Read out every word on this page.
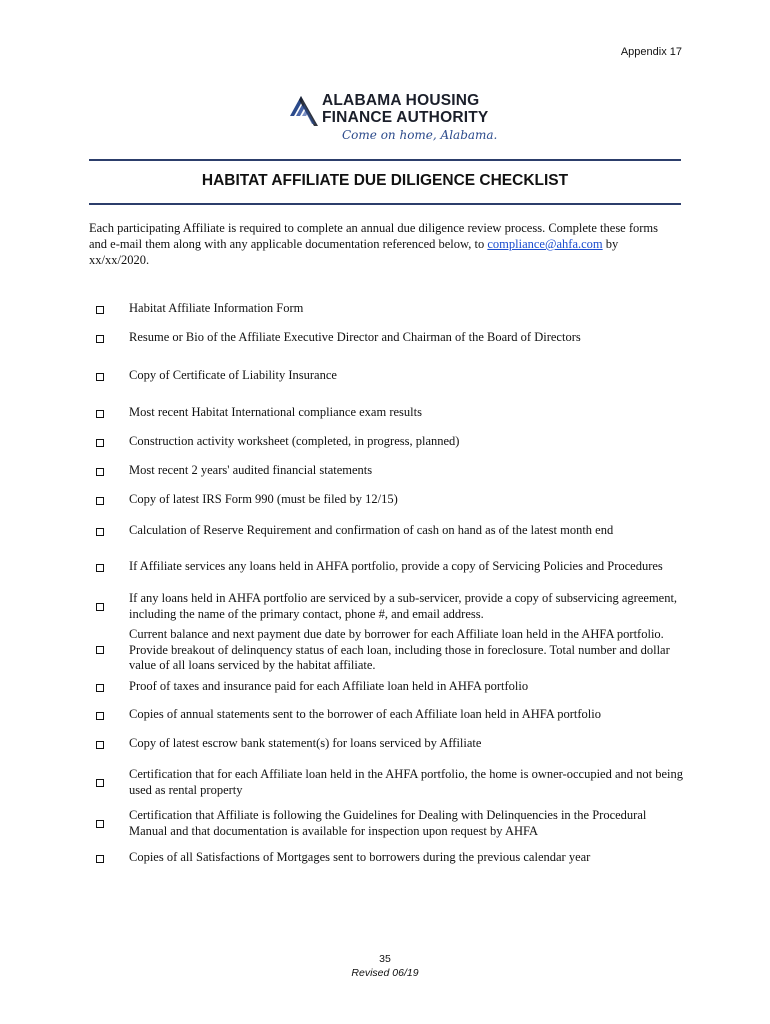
Appendix 17
ALABAMA HOUSING
FINANCE AUTHORITY
Come on home, Alabama.
HABITAT AFFILIATE DUE DILIGENCE CHECKLIST
Each participating Affiliate is required to complete an annual due diligence review process. Complete these forms and e-mail them along with any applicable documentation referenced below, to compliance@ahfa.com by xx/xx/2020.
Habitat Affiliate Information Form
Resume or Bio of the Affiliate Executive Director and Chairman of the Board of Directors
Copy of Certificate of Liability Insurance
Most recent Habitat International compliance exam results
Construction activity worksheet (completed, in progress, planned)
Most recent 2 years' audited financial statements
Copy of latest IRS Form 990 (must be filed by 12/15)
Calculation of Reserve Requirement and confirmation of cash on hand as of the latest month end
If Affiliate services any loans held in AHFA portfolio, provide a copy of Servicing Policies and Procedures
If any loans held in AHFA portfolio are serviced by a sub-servicer, provide a copy of subservicing agreement, including the name of the primary contact, phone #, and email address.
Current balance and next payment due date by borrower for each Affiliate loan held in the AHFA portfolio. Provide breakout of delinquency status of each loan, including those in foreclosure. Total number and dollar value of all loans serviced by the habitat affiliate.
Proof of taxes and insurance paid for each Affiliate loan held in AHFA portfolio
Copies of annual statements sent to the borrower of each Affiliate loan held in AHFA portfolio
Copy of latest escrow bank statement(s) for loans serviced by Affiliate
Certification that for each Affiliate loan held in the AHFA portfolio, the home is owner-occupied and not being used as rental property
Certification that Affiliate is following the Guidelines for Dealing with Delinquencies in the Procedural Manual and that documentation is available for inspection upon request by AHFA
Copies of all Satisfactions of Mortgages sent to borrowers during the previous calendar year
35
Revised 06/19
